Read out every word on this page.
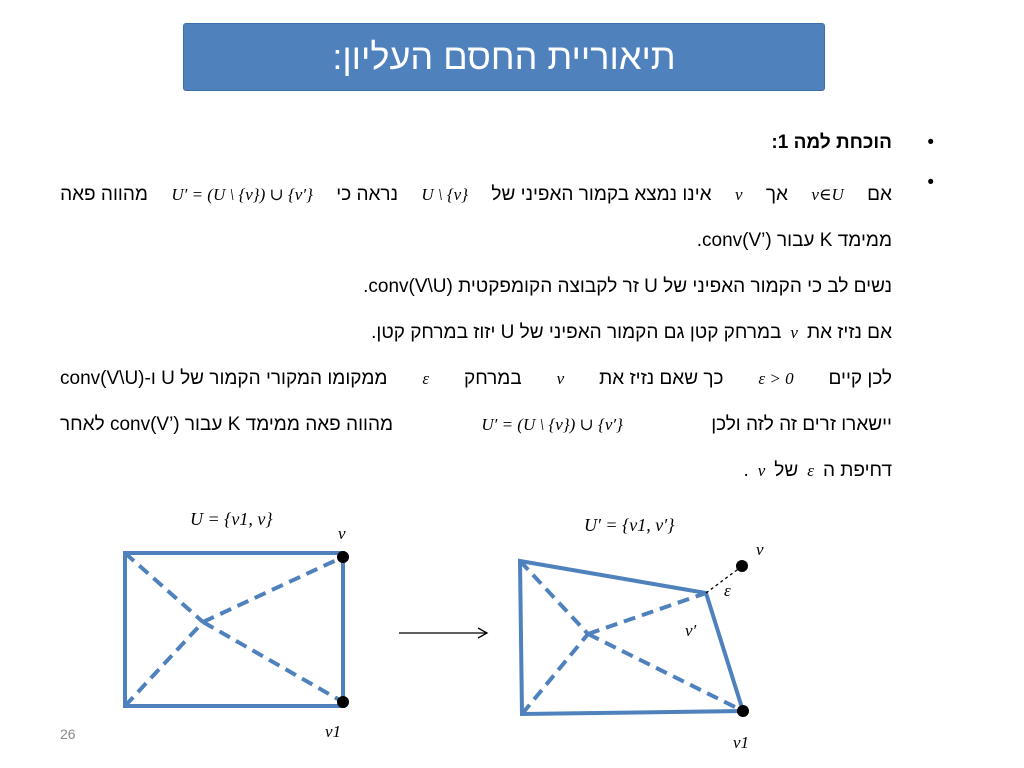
תיאוריית החסם העליון:
•
הוכחת למה 1:
•
אם
v∈U
אך
v
אינו נמצא בקמור האפיני של
U \ {v}
נראה כי
U′ = (U \ {v}) ∪ {v′}
מהווה פאה
ממימד K עבור conv(V’).
נשים לב כי הקמור האפיני של U זר לקבוצה הקומפקטית conv(V\U).
אם נזיז את
v
במרחק קטן גם הקמור האפיני של U יזוז במרחק קטן.
לכן קיים
ε > 0
כך שאם נזיז את
v
במרחק
ε
ממקומו המקורי הקמור של U ו-conv(V\U)
יישארו זרים זה לזה ולכן
U′ = (U \ {v}) ∪ {v′}
מהווה פאה ממימד K עבור conv(V’) לאחר
דחיפת ה
ε
של
v
.
U = {v1, v}
v
v1
U′ = {v1, v′}
v
ε
v′
v1
26
